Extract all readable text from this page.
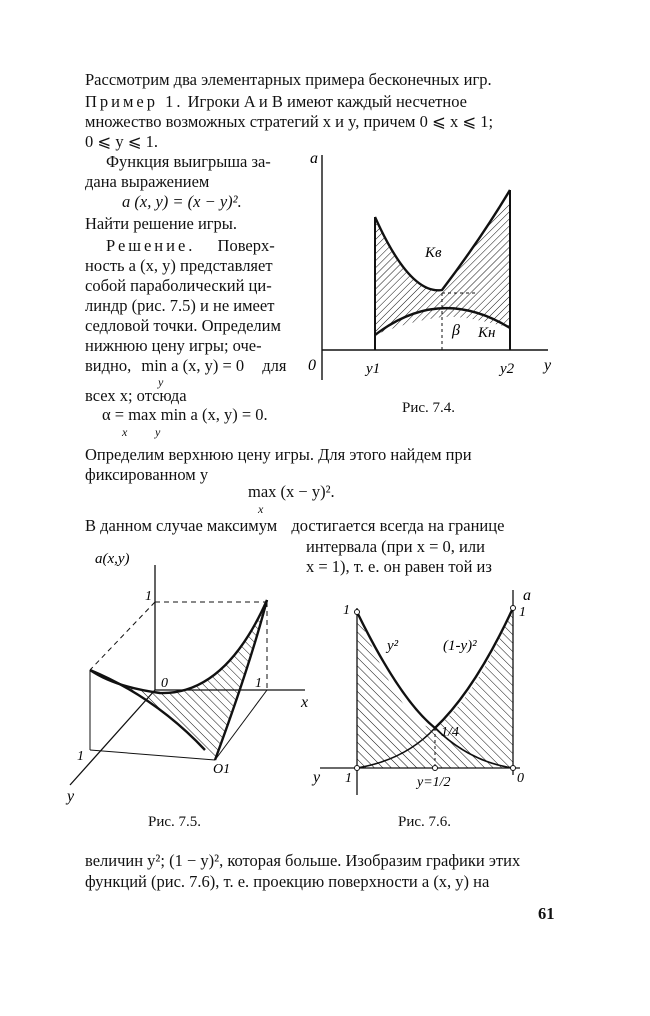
Рассмотрим два элементарных примера бесконечных игр.
Пример 1. Игроки A и B имеют каждый несчетное
множество возможных стратегий x и y, причем 0 ⩽ x ⩽ 1;
0 ⩽ y ⩽ 1.
Функция выигрыша за-
дана выражением
a (x, y) = (x − y)².
Найти решение игры.
Решение. Поверх-
ность a (x, y) представляет
собой параболический ци-
линдр (рис. 7.5) и не имеет
седловой точки. Определим
нижнюю цену игры; оче-
видно, min a (x, y) = 0 для
y
всех x; отсюда
α = max min a (x, y) = 0.
x y
Определим верхнюю цену игры. Для этого найдем при
фиксированном y
max (x − y)².
x
В данном случае максимум достигается всегда на границе
интервала (при x = 0, или
x = 1), т. е. он равен той из
величин y²; (1 − y)², которая больше. Изобразим графики этих
функций (рис. 7.6), т. е. проекцию поверхности a (x, y) на
61
a
y
0	y1	y2
Kв
Kн
β
Рис. 7.4.
a(x,y)
x
y
1
1
1
0
O1
Рис. 7.5.
a
y
1	1
1	0
y²	(1-y)²
1/4
y=1/2
Рис. 7.6.
